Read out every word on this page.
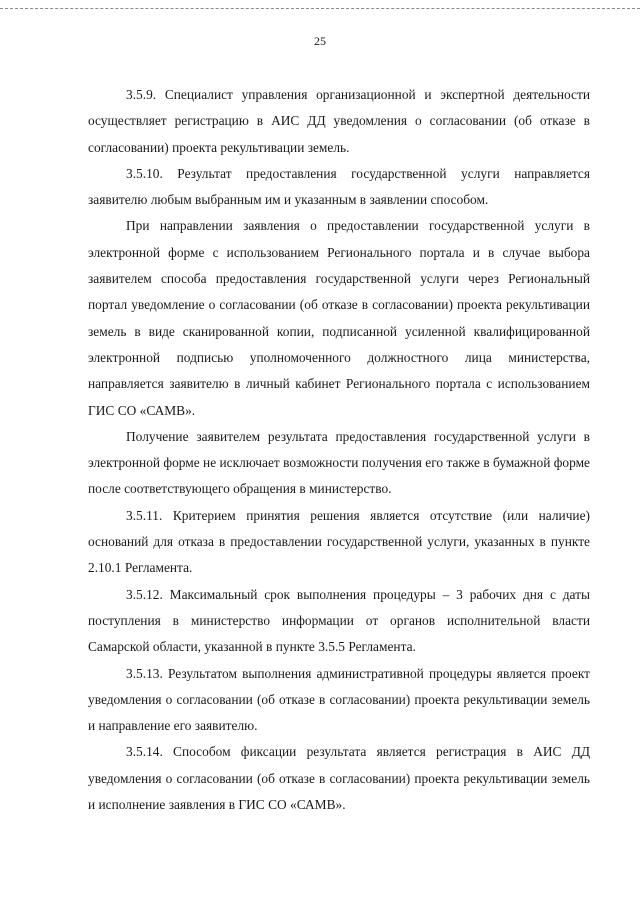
25

3.5.9. Специалист управления организационной и экспертной деятельности осуществляет регистрацию в АИС ДД уведомления о согласовании (об отказе в согласовании) проекта рекультивации земель.

3.5.10. Результат предоставления государственной услуги направляется заявителю любым выбранным им и указанным в заявлении способом.

При направлении заявления о предоставлении государственной услуги в электронной форме с использованием Регионального портала и в случае выбора заявителем способа предоставления государственной услуги через Региональный портал уведомление о согласовании (об отказе в согласовании) проекта рекультивации земель в виде сканированной копии, подписанной усиленной квалифицированной электронной подписью уполномоченного должностного лица министерства, направляется заявителю в личный кабинет Регионального портала с использованием ГИС СО «САМВ».

Получение заявителем результата предоставления государственной услуги в электронной форме не исключает возможности получения его также в бумажной форме после соответствующего обращения в министерство.

3.5.11. Критерием принятия решения является отсутствие (или наличие) оснований для отказа в предоставлении государственной услуги, указанных в пункте 2.10.1 Регламента.

3.5.12. Максимальный срок выполнения процедуры – 3 рабочих дня с даты поступления в министерство информации от органов исполнительной власти Самарской области, указанной в пункте 3.5.5 Регламента.

3.5.13. Результатом выполнения административной процедуры является проект уведомления о согласовании (об отказе в согласовании) проекта рекультивации земель и направление его заявителю.

3.5.14. Способом фиксации результата является регистрация в АИС ДД уведомления о согласовании (об отказе в согласовании) проекта рекультивации земель и исполнение заявления в ГИС СО «САМВ».
